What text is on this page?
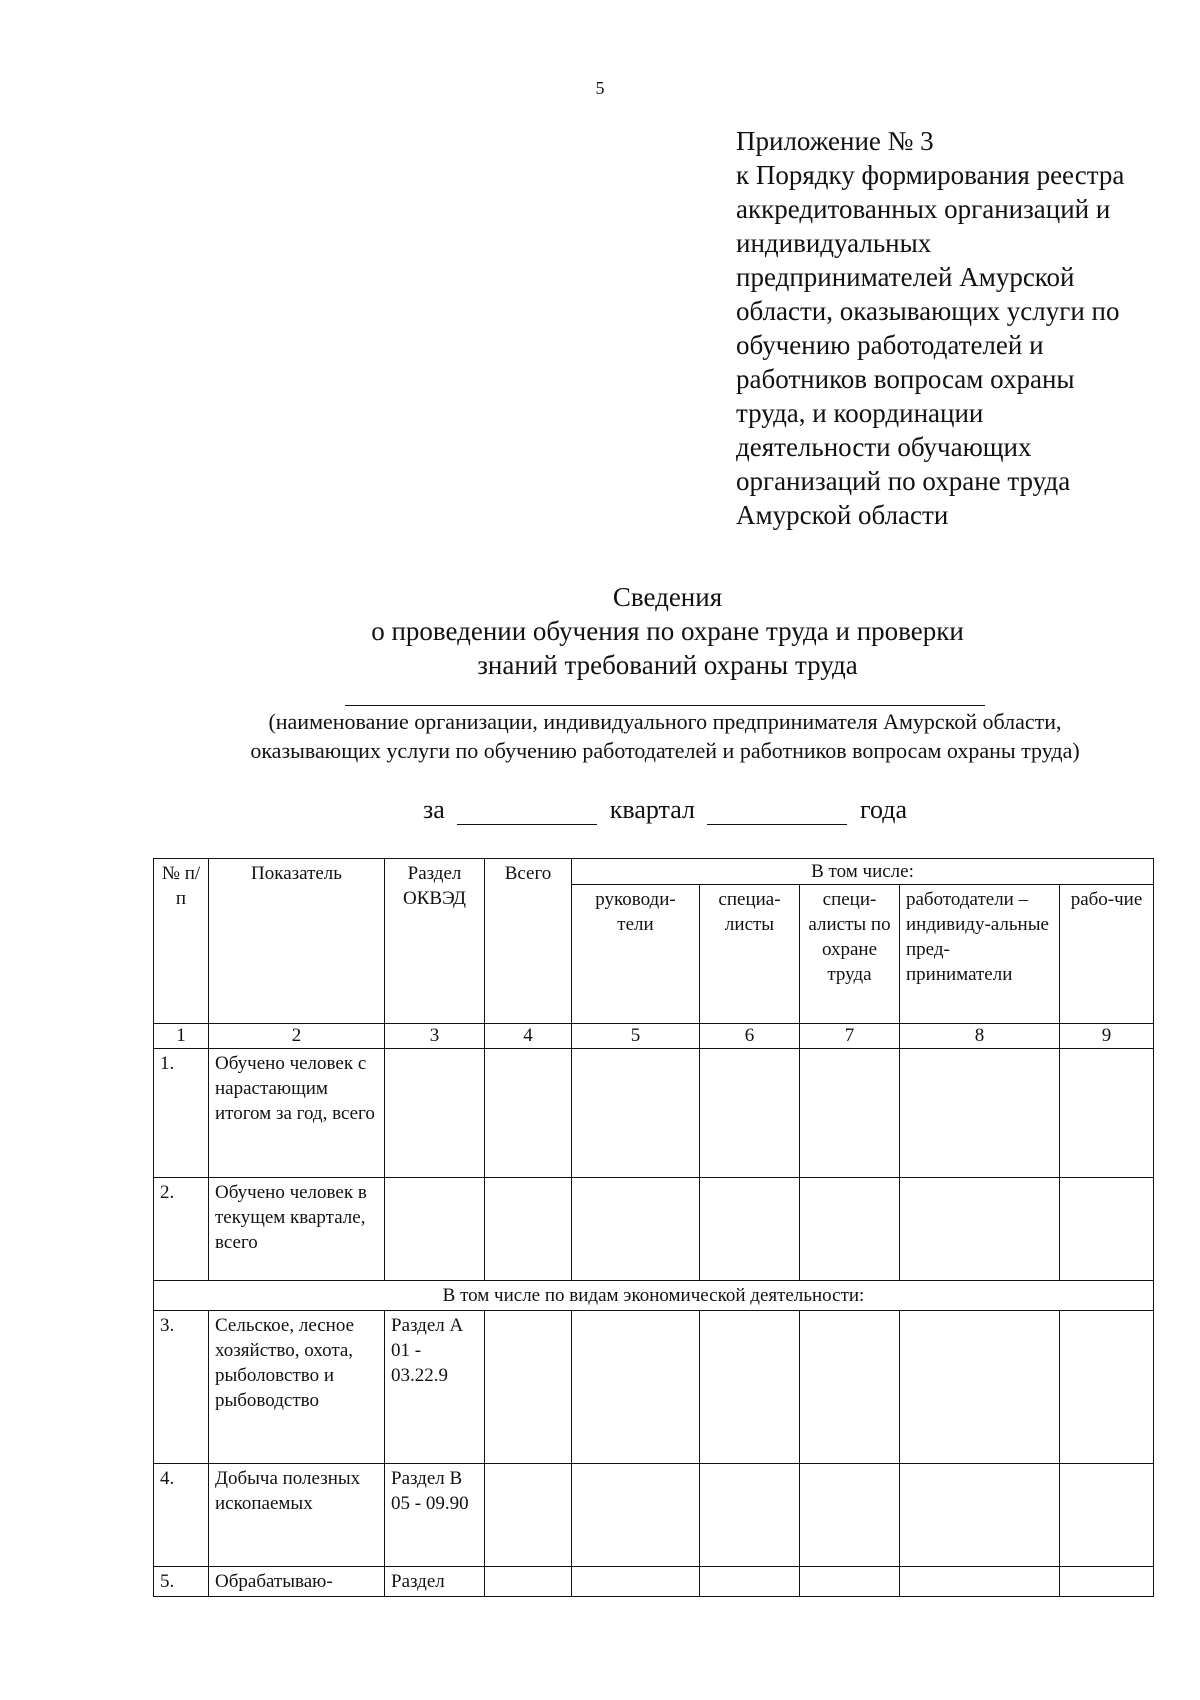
5
Приложение № 3
к Порядку формирования реестра
аккредитованных организаций и
индивидуальных
предпринимателей Амурской
области, оказывающих услуги по
обучению работодателей и
работников вопросам охраны
труда, и координации
деятельности обучающих
организаций по охране труда
Амурской области
Сведения
о проведении обучения по охране труда и проверки
знаний требований охраны труда
(наименование организации, индивидуального предпринимателя Амурской области,
оказывающих услуги по обучению работодателей и работников вопросам охраны труда)
за	квартал	года
№ п/п	Показатель	Раздел ОКВЭД	Всего	В том числе:				
				руководи-тели	специа-листы	специ-алисты по охране труда	работодатели – индивиду-альные пред-приниматели	рабо-чие
1	2	3	4	5	6	7	8	9
1.	Обучено человек с нарастающим итогом за год, всего							
2.	Обучено человек в текущем квартале, всего							
В том числе по видам экономической деятельности:								
3.	Сельское, лесное хозяйство, охота, рыболовство и рыбоводство	Раздел A 01 - 03.22.9						
4.	Добыча полезных ископаемых	Раздел B 05 - 09.90						
5.	Обрабатываю-	Раздел						
